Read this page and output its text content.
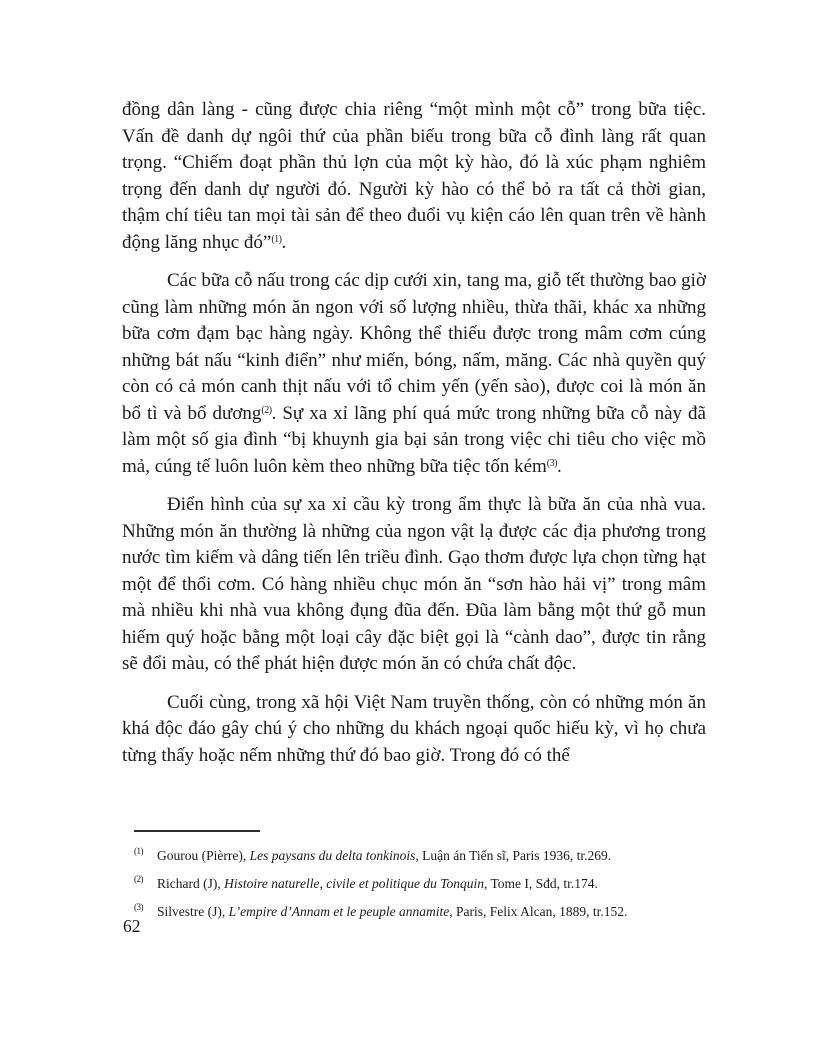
đồng dân làng - cũng được chia riêng “một mình một cỗ” trong bữa tiệc. Vấn đề danh dự ngôi thứ của phần biếu trong bữa cỗ đình làng rất quan trọng. “Chiếm đoạt phần thủ lợn của một kỳ hào, đó là xúc phạm nghiêm trọng đến danh dự người đó. Người kỳ hào có thể bỏ ra tất cả thời gian, thậm chí tiêu tan mọi tài sản để theo đuổi vụ kiện cáo lên quan trên về hành động lăng nhục đó”$^{(1)}$.

Các bữa cỗ nấu trong các dịp cưới xin, tang ma, giỗ tết thường bao giờ cũng làm những món ăn ngon với số lượng nhiều, thừa thãi, khác xa những bữa cơm đạm bạc hàng ngày. Không thể thiếu được trong mâm cơm cúng những bát nấu “kinh điển” như miến, bóng, nấm, măng. Các nhà quyền quý còn có cả món canh thịt nấu với tổ chim yến (yến sào), được coi là món ăn bổ tì và bổ dương$^{(2)}$. Sự xa xỉ lãng phí quá mức trong những bữa cỗ này đã làm một số gia đình “bị khuynh gia bại sản trong việc chi tiêu cho việc mồ mả, cúng tế luôn luôn kèm theo những bữa tiệc tốn kém$^{(3)}$.

Điển hình của sự xa xỉ cầu kỳ trong ẩm thực là bữa ăn của nhà vua. Những món ăn thường là những của ngon vật lạ được các địa phương trong nước tìm kiếm và dâng tiến lên triều đình. Gạo thơm được lựa chọn từng hạt một để thổi cơm. Có hàng nhiều chục món ăn “sơn hào hải vị” trong mâm mà nhiều khi nhà vua không đụng đũa đến. Đũa làm bằng một thứ gỗ mun hiếm quý hoặc bằng một loại cây đặc biệt gọi là “cành dao”, được tin rằng sẽ đổi màu, có thể phát hiện được món ăn có chứa chất độc.

Cuối cùng, trong xã hội Việt Nam truyền thống, còn có những món ăn khá độc đáo gây chú ý cho những du khách ngoại quốc hiếu kỳ, vì họ chưa từng thấy hoặc nếm những thứ đó bao giờ. Trong đó có thể

$^{(1)}$ Gourou (Pièrre), Les paysans du delta tonkinois, Luận án Tiến sĩ, Paris 1936, tr.269.
$^{(2)}$ Richard (J), Histoire naturelle, civile et politique du Tonquin, Tome I, Sđd, tr.174.
$^{(3)}$ Silvestre (J), L’empire d’Annam et le peuple annamite, Paris, Felix Alcan, 1889, tr.152.
62
